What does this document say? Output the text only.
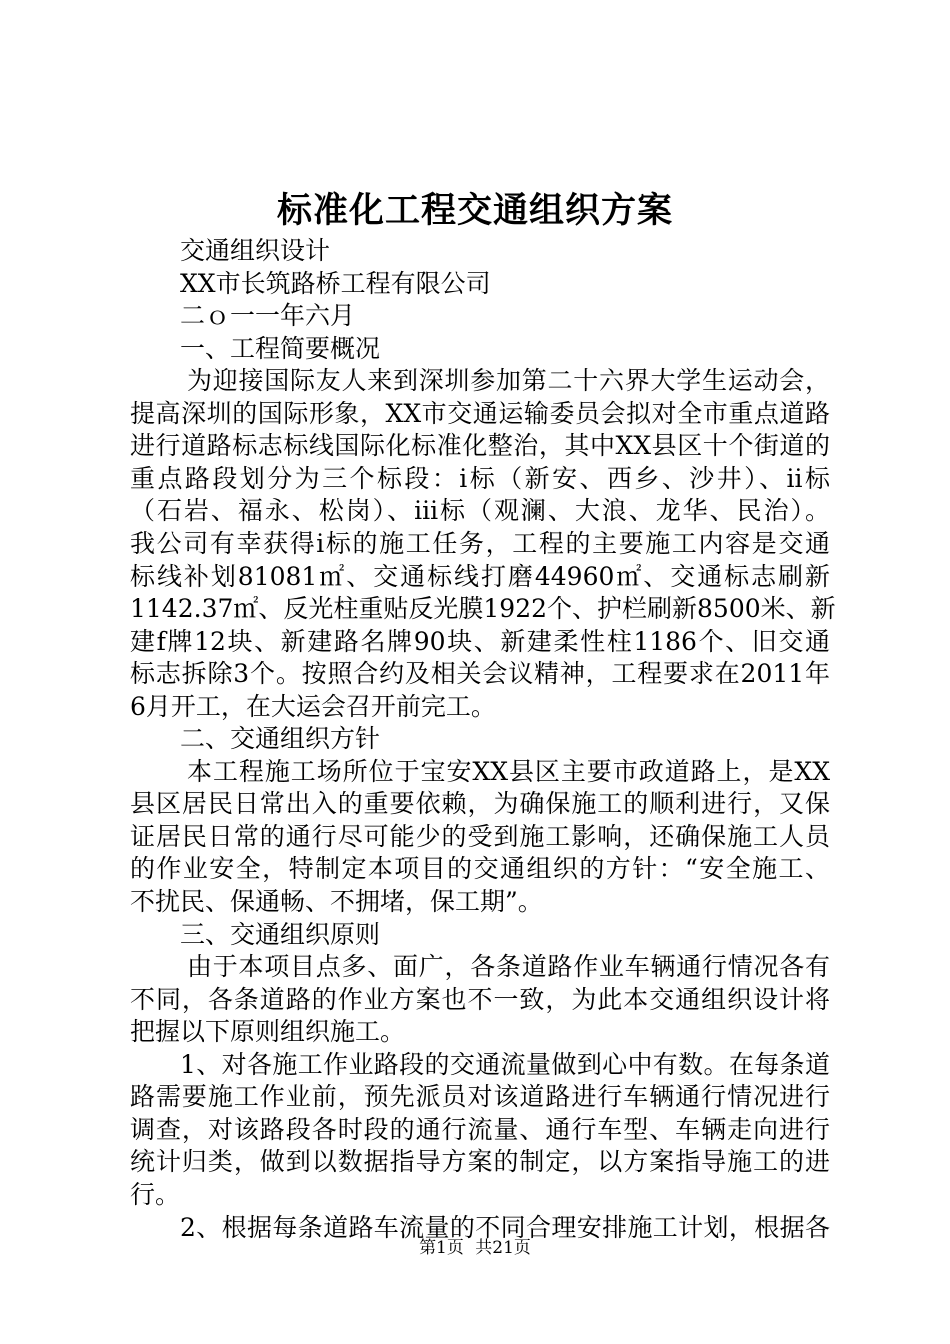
标准化工程交通组织方案

交通组织设计

XX市长筑路桥工程有限公司

二ｏ一一年六月

一、工程简要概况

为迎接国际友人来到深圳参加第二十六界大学生运动会，

提高深圳的国际形象，XX市交通运输委员会拟对全市重点道路

进行道路标志标线国际化标准化整治，其中XX县区十个街道的

重点路段划分为三个标段：i标（新安、西乡、沙井）、ii标

（石岩、福永、松岗）、iii标（观澜、大浪、龙华、民治）。

我公司有幸获得i标的施工任务，工程的主要施工内容是交通

标线补划81081㎡、交通标线打磨44960㎡、交通标志刷新

1142.37㎡、反光柱重贴反光膜1922个、护栏刷新8500米、新

建f牌12块、新建路名牌90块、新建柔性柱1186个、旧交通

标志拆除3个。按照合约及相关会议精神，工程要求在2011年

6月开工，在大运会召开前完工。

二、交通组织方针

本工程施工场所位于宝安XX县区主要市政道路上，是XX

县区居民日常出入的重要依赖，为确保施工的顺利进行，又保

证居民日常的通行尽可能少的受到施工影响，还确保施工人员

的作业安全，特制定本项目的交通组织的方针：“安全施工、

不扰民、保通畅、不拥堵，保工期”。

三、交通组织原则

由于本项目点多、面广，各条道路作业车辆通行情况各有

不同，各条道路的作业方案也不一致，为此本交通组织设计将

把握以下原则组织施工。

1、对各施工作业路段的交通流量做到心中有数。在每条道

路需要施工作业前，预先派员对该道路进行车辆通行情况进行

调查，对该路段各时段的通行流量、通行车型、车辆走向进行

统计归类，做到以数据指导方案的制定，以方案指导施工的进

行。

2、根据每条道路车流量的不同合理安排施工计划，根据各

第1页 共21页
